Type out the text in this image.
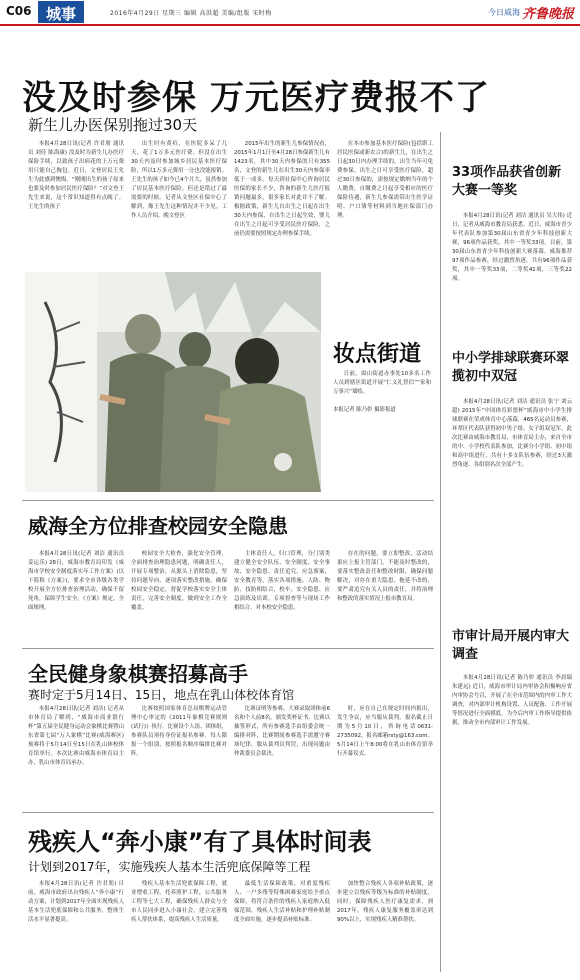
C06 城事	2016年4月29日 星期三 编辑 高洪超 美编/组版 宋时梅	今日威海 齐鲁晚报
没及时参保 万元医疗费报不了
新生儿办医保别拖过30天

本报4月28日讯(记者 许君朋 通讯员 刘佳 陈海康) 没及时为新生儿办医疗保险手续，以致孩子出病花的上万元费用只能自己掏包。近日，文登居民王先生为此感到懊悔。“刚刚出生的孩子原来也要及时参加居民医疗保险？”对文登王先生来说，这个常识知道得有点晚了。王先生的孩子

出生时有黄疸，在医院多呆了几天，花了1万多元医疗费。但没在出生30天内及时参加城乡居民基本医疗保险，所以1万多元费用一分也没能报销。王先生的孩子如今已4个月大，虽然参加了居民基本医疗保险，但还是错过了最需要的时候。记者从文登区社保中心了解到，像王先生这种情况并不少见。工作人员介绍，晚文登区

2015年出生的新生儿参保情况看，2015年1月1日至4月28日参保新生儿有1423名，其中30天内参保的只有355名，文登的新生儿在出生30天内参保率低于一成多。每天到社保中心咨询居民医保的家长不少，咨询的新生儿医疗报销问题最多，很多家长对此并不了解。根据政策，新生儿自出生之日起在出生30天内参保，自出生之日起生效，婴儿在出生之日起可享受居民医疗保险，之前仍需要按照规定办理参保手续。

在本市参加基本医疗保险(包括职工居民医保或新农合)的新生儿，在出生之日起30日内办理手续的，出生当年可免费参保，出生之日可享受医疗保险，超过30日参保的，需按规定缴纳当年的个人缴费，自缴费之日起享受相应的医疗保险待遇，新生儿参保需带出生医学证明、户口簿等材料到当地社保部门办理。

妆点街道

日前，崮山街道办事处10多名工作人员到辖区街道开展“仁义礼智信”“家和万事兴”墙绘。

本报记者 陈乃彰 摄影报道
威海全方位排查校园安全隐患

本报4月28日讯(记者 刘洁 通讯员 姜运乐) 28日，威海市教育局印发《威海市学校安全制度落实年工作方案》(以下简称《方案》)，要求全市各级各类学校开展全方位排查治理活动，确保不留死角，保障学生安全。《方案》规定，全面规理，

校园安全大检查，强化安全管理，全面排查治理隐患问题，明确责任人，开展专项整治，从源头上消除隐患，坚持问题导向，逐项落实整改措施，确保校园安全稳定，督促学校落实安全主体责任，完善安全制度，做到安全工作全覆盖。

主体责任人，归口管理，分门别类建立健全安全队伍、安全制度、安全事故、安全隐患、责任追究、应急预案、安全教育等，落实各项措施，人防、物防、技防相结合，校车、安全隐患、应急演练及培训，专项督查等与现场工作相结合。对本校安全隐患，

存在的问题，要立即整改，活动结果应上报主管部门，不能及时整改的，要落实整改责任和整改时限，确保问题解决，对存在重大隐患、拖延不改的，要严肃追究有关人员的责任，并将治理和整改的落实情况上报市教育局。

全民健身象棋赛招募高手
赛时定于5月14日、15日，地点在乳山体校体育馆

本报4月28日讯(记者 刘洁) 记者从市体育局了解到，“威海市商业银行杯”第五届全民健身运动会象棋比赛暨山东省第七届“万人象棋”比赛(威海赛区)预赛将于5月14日至15日在乳山体校体育馆举行。本次比赛由威海市体育局主办，乳山市体育局承办。

比赛按照国家体育总局棋牌运动管理中心审定的《2011年象棋竞赛规则(试行)》执行。比赛设个人组、团体组，参赛队员须持身份证报名参赛。每人限报一个组别，按照报名顺序编排比赛对阵。

比赛证明等参赛，大赛录取团体前6名和个人前8名，颁发奖杯证书。比赛以抽签形式，所有参赛选手由组委会统一编排对阵，比赛期间参赛选手需遵守赛场纪律，服从裁判员判罚，出现问题由仲裁委员会裁决。

时，应在自己在规定时间内报出，发生争议，应当服从裁判。报名截止日期为5月10日，咨询电话0631-2735092，报名邮箱rsty@163.com。5月14日上午8:00将在乳山市体育馆举行开幕仪式。

残疾人“奔小康”有了具体时间表
计划到2017年，实施残疾人基本生活兜底保障等工程

本报4月28日讯(记者 许君朋) 日前，威海市政府出台残疾人“奔小康”行动方案，计划到2017年全面实现残疾人基本生活兜底保障和公共服务，整体生活水平显著提高。

残疾人基本生活兜底保障工程，就业增收工程，托养照护工程，公共服务工程等七大工程，确保残疾人群众与全市人民同步进入小康社会，建立完善残疾人帮扶体系，提高残疾人生活质量。

最低生活保障政策，对重度残疾人、一户多残等特殊困难家庭给予重点保障，将符合条件的残疾人家庭纳入低保范围，残疾人生活补贴和护理补贴制度全面实施，逐步提高补贴标准。

加快整合残疾人各项补贴政策，逐步建立以残疾等级为标准的补贴制度，同时，保障残疾人医疗康复需求，到2017年，残疾人康复服务覆盖率达到90%以上，实现残疾人精准帮扶。

33项作品获省创新大赛一等奖

本报4月28日讯(记者 刘洁 通讯员 吴大伟) 近日，记者从威海市教育局获悉，近日，威海市青少年代表队参加第30届山东省青少年科技创新大赛，96项作品获奖，其中一等奖33项。目前，第30届山东省青少年科技创新大赛落幕。威海推荐97项作品参赛，经过激烈角逐，共有96项作品获奖，其中一等奖33项，二等奖41项，三等奖22项。

中小学排球联赛环翠揽初中双冠

本报4月28日讯(记者 刘洁 通讯员 张宁 刘云超) 2015年“中国体育彩票杯”威海市中小学生排球联赛在荣成体育中心落幕，465名运动员参赛，环翠区代表队获得初中男子组、女子组双冠军。此次比赛由威海市教育局、市体育局主办，来自全市的中、小学校代表队参加，比赛分小学组、初中组和高中组进行，共有十多支队伍参赛，经过3天激烈角逐，各组别名次全部产生。

市审计局开展内审大调查

本报4月28日讯(记者 陈乃彰 通讯员 李晨瑞 朱建远) 近日，威海市审计局内审协会积极响应省内审协会号召，开展了在全市范围内的内审工作大调查，对内部审计机构设置、人员配备、工作开展等情况进行全面摸底，为今后内审工作指导提供依据，推动全市内部审计工作发展。
